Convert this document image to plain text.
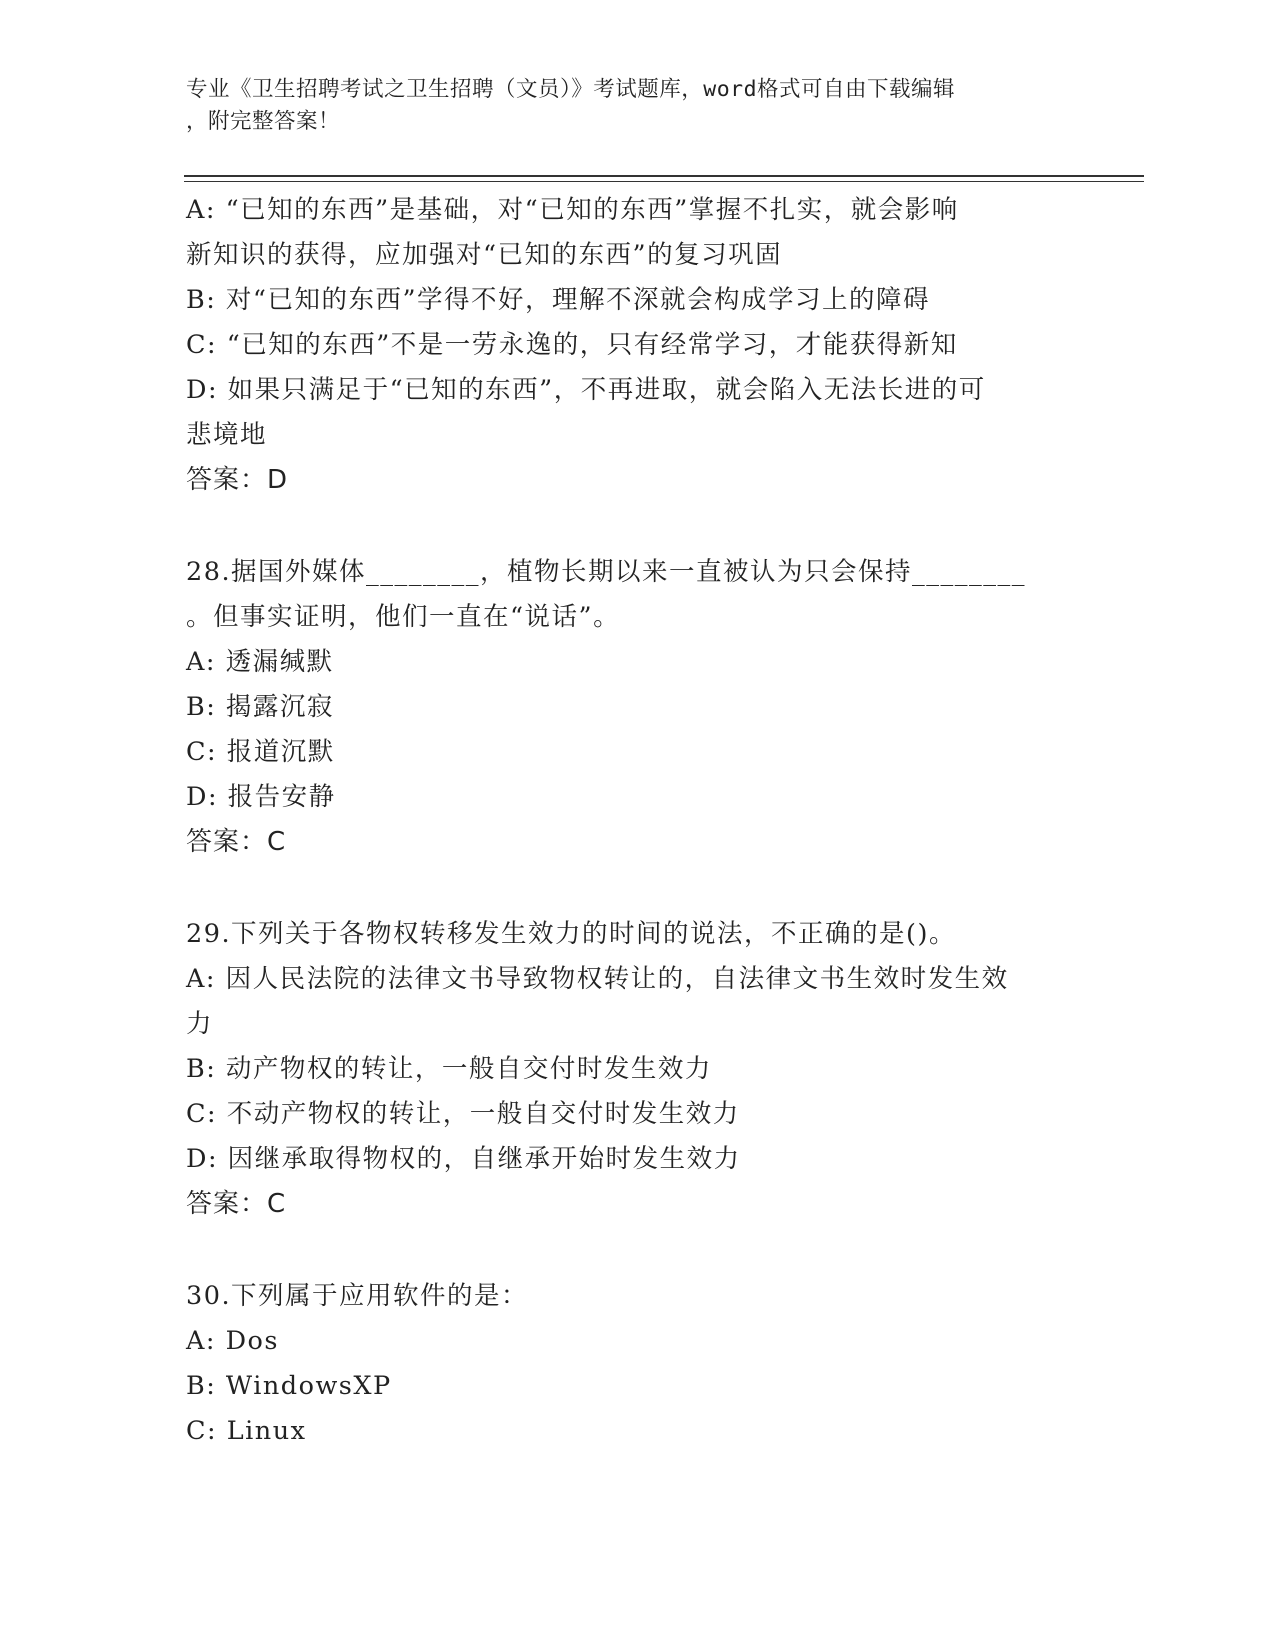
专业《卫生招聘考试之卫生招聘（文员）》考试题库，word格式可自由下载编辑
，附完整答案！
A: “已知的东西”是基础，对“已知的东西”掌握不扎实，就会影响
新知识的获得，应加强对“已知的东西”的复习巩固
B: 对“已知的东西”学得不好，理解不深就会构成学习上的障碍
C: “已知的东西”不是一劳永逸的，只有经常学习，才能获得新知
D: 如果只满足于“已知的东西”，不再进取，就会陷入无法长进的可
悲境地
答案：D
28.据国外媒体________，植物长期以来一直被认为只会保持________
。但事实证明，他们一直在“说话”。
A: 透漏缄默
B: 揭露沉寂
C: 报道沉默
D: 报告安静
答案：C
29.下列关于各物权转移发生效力的时间的说法，不正确的是()。
A: 因人民法院的法律文书导致物权转让的，自法律文书生效时发生效
力
B: 动产物权的转让，一般自交付时发生效力
C: 不动产物权的转让，一般自交付时发生效力
D: 因继承取得物权的，自继承开始时发生效力
答案：C
30.下列属于应用软件的是：
A: Dos
B: WindowsXP
C: Linux
